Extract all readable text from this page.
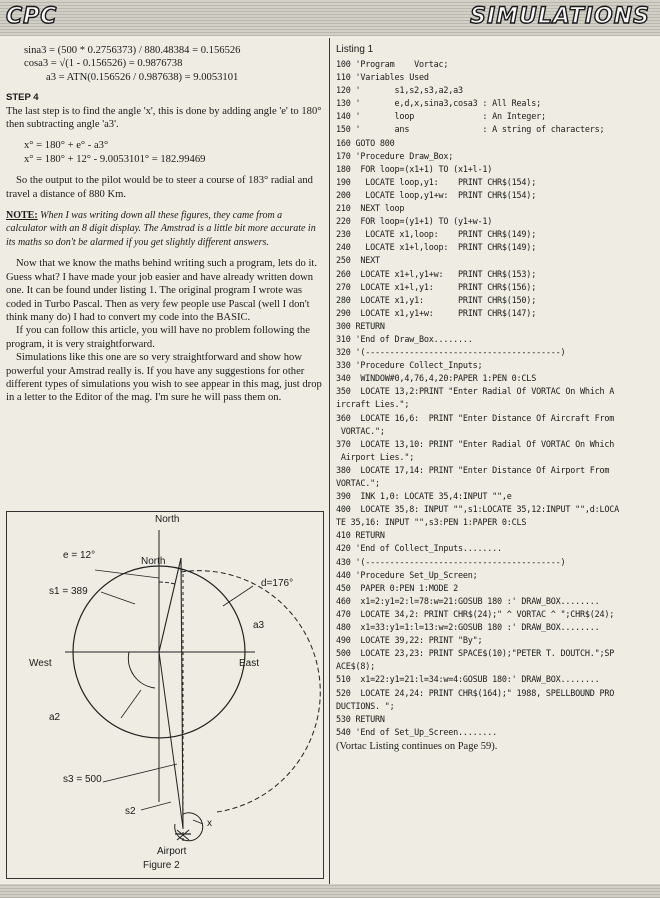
CPC	SIMULATIONS

sina3 = (500 * 0.2756373) / 880.48384 = 0.156526

cosa3 = √(1 - 0.156526) = 0.9876738

a3 = ATN(0.156526 / 0.987638) = 9.0053101

STEP 4

The last step is to find the angle 'x', this is done by adding angle 'e' to 180° then subtracting angle 'a3'.

x° = 180° + e° - a3°

x° = 180° + 12° - 9.0053101° = 182.99469

So the output to the pilot would be to steer a course of 183° radial and travel a distance of 880 Km.

NOTE: When I was writing down all these figures, they came from a calculator with an 8 digit display. The Amstrad is a little bit more accurate in its maths so don't be alarmed if you get slightly different answers.

Now that we know the maths behind writing such a program, lets do it. Guess what? I have made your job easier and have already written down one. It can be found under listing 1. The original program I wrote was coded in Turbo Pascal. Then as very few people use Pascal (well I don't think many do) I had to convert my code into the BASIC.

If you can follow this article, you will have no problem following the program, it is very straightforward.

Simulations like this one are so very straightforward and show how powerful your Amstrad really is. If you have any suggestions for other different types of simulations you wish to see appear in this mag, just drop in a letter to the Editor of the mag. I'm sure he will pass them on.

North
North
e = 12°
d=176°
s1 = 389
a3
West	East
a2
s3 = 500
s2
x
Airport
Figure 2

Listing 1

100 'Program    Vortac;
110 'Variables Used
120 '       s1,s2,s3,a2,a3
130 '       e,d,x,sina3,cosa3 : All Reals;
140 '       loop              : An Integer;
150 '       ans               : A string of characters;
160 GOTO 800
170 'Procedure Draw_Box;
180  FOR loop=(x1+1) TO (x1+l-1)
190   LOCATE loop,y1:    PRINT CHR$(154);
200   LOCATE loop,y1+w:  PRINT CHR$(154);
210  NEXT loop
220  FOR loop=(y1+1) TO (y1+w-1)
230   LOCATE x1,loop:    PRINT CHR$(149);
240   LOCATE x1+l,loop:  PRINT CHR$(149);
250  NEXT
260  LOCATE x1+l,y1+w:   PRINT CHR$(153);
270  LOCATE x1+l,y1:     PRINT CHR$(156);
280  LOCATE x1,y1:       PRINT CHR$(150);
290  LOCATE x1,y1+w:     PRINT CHR$(147);
300 RETURN
310 'End of Draw_Box........
320 '(----------------------------------------)
330 'Procedure Collect_Inputs;
340  WINDOW#0,4,76,4,20:PAPER 1:PEN 0:CLS
350  LOCATE 13,2:PRINT "Enter Radial Of VORTAC On Which A
ircraft Lies.";
360  LOCATE 16,6:  PRINT "Enter Distance Of Aircraft From
VORTAC.";
370  LOCATE 13,10: PRINT "Enter Radial Of VORTAC On Which
Airport Lies.";
380  LOCATE 17,14: PRINT "Enter Distance Of Airport From
VORTAC.";
390  INK 1,0: LOCATE 35,4:INPUT "",e
400  LOCATE 35,8: INPUT "",s1:LOCATE 35,12:INPUT "",d:LOCA
TE 35,16: INPUT "",s3:PEN 1:PAPER 0:CLS
410 RETURN
420 'End of Collect_Inputs........
430 '(----------------------------------------)
440 'Procedure Set_Up_Screen;
450  PAPER 0:PEN 1:MODE 2
460  x1=2:y1=2:l=78:w=21:GOSUB 180 :' DRAW_BOX........
470  LOCATE 34,2: PRINT CHR$(24);" ^ VORTAC ^ ";CHR$(24);
480  x1=33:y1=1:l=13:w=2:GOSUB 180 :' DRAW_BOX........
490  LOCATE 39,22: PRINT "By";
500  LOCATE 23,23: PRINT SPACE$(10);"PETER T. DOUTCH.";SP
ACE$(8);
510  x1=22:y1=21:l=34:w=4:GOSUB 180:' DRAW_BOX........
520  LOCATE 24,24: PRINT CHR$(164);" 1988, SPELLBOUND PRO
DUCTIONS. ";
530 RETURN
540 'End of Set_Up_Screen........

(Vortac Listing continues on Page 59).
